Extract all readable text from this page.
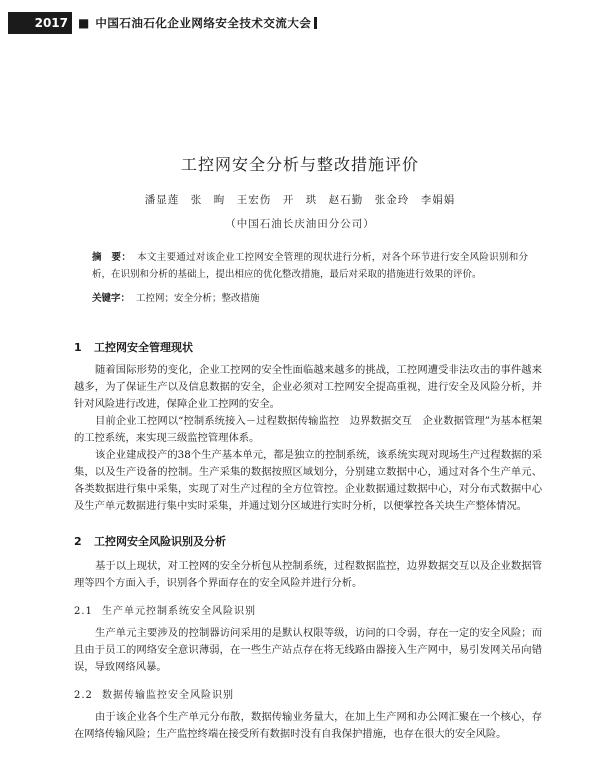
2017 ■ 中国石油石化企业网络安全技术交流大会
工控网安全分析与整改措施评价
潘显莲　张　昫　王宏伤　开　珙　赵石勤　张金玲　李娟娟
（中国石油长庆油田分公司）
摘　要： 本文主要通过对该企业工控网安全管理的现状进行分析，对各个环节进行安全风险识别和分析，在识别和分析的基础上，提出相应的优化整改措施，最后对采取的措施进行效果的评价。
关键字： 工控网；安全分析；整改措施
1 工控网安全管理现状
随着国际形势的变化，企业工控网的安全性面临越来越多的挑战，工控网遭受非法攻击的事件越来越多，为了保证生产以及信息数据的安全，企业必须对工控网安全提高重视，进行安全及风险分析，并针对风险进行改进，保障企业工控网的安全。
目前企业工控网以“控制系统接入－过程数据传输监控　边界数据交互　企业数据管理”为基本框架的工控系统，来实现三级监控管理体系。
该企业建成投产的38个生产基本单元，都是独立的控制系统，该系统实现对现场生产过程数据的采集，以及生产设备的控制。生产采集的数据按照区域划分，分别建立数据中心，通过对各个生产单元、各类数据进行集中采集，实现了对生产过程的全方位管控。企业数据通过数据中心，对分布式数据中心及生产单元数据进行集中实时采集，并通过划分区域进行实时分析，以便掌控各关块生产整体情况。
2 工控网安全风险识别及分析
基于以上现状，对工控网的安全分析包从控制系统，过程数据监控，边界数据交互以及企业数据管理等四个方面入手，识别各个界面存在的安全风险并进行分析。
2.1 生产单元控制系统安全风险识别
生产单元主要涉及的控制器访问采用的是默认权限等级，访问的口令弱，存在一定的安全风险；而且由于员工的网络安全意识薄弱，在一些生产站点存在将无线路由器接入生产网中，易引发网关吊向错误，导致网络风暴。
2.2 数据传输监控安全风险识别
由于该企业各个生产单元分布散，数据传输业务量大，在加上生产网和办公网汇聚在一个核心，存在网络传输风险；生产监控终端在接受所有数据时没有自我保护措施，也存在很大的安全风险。
